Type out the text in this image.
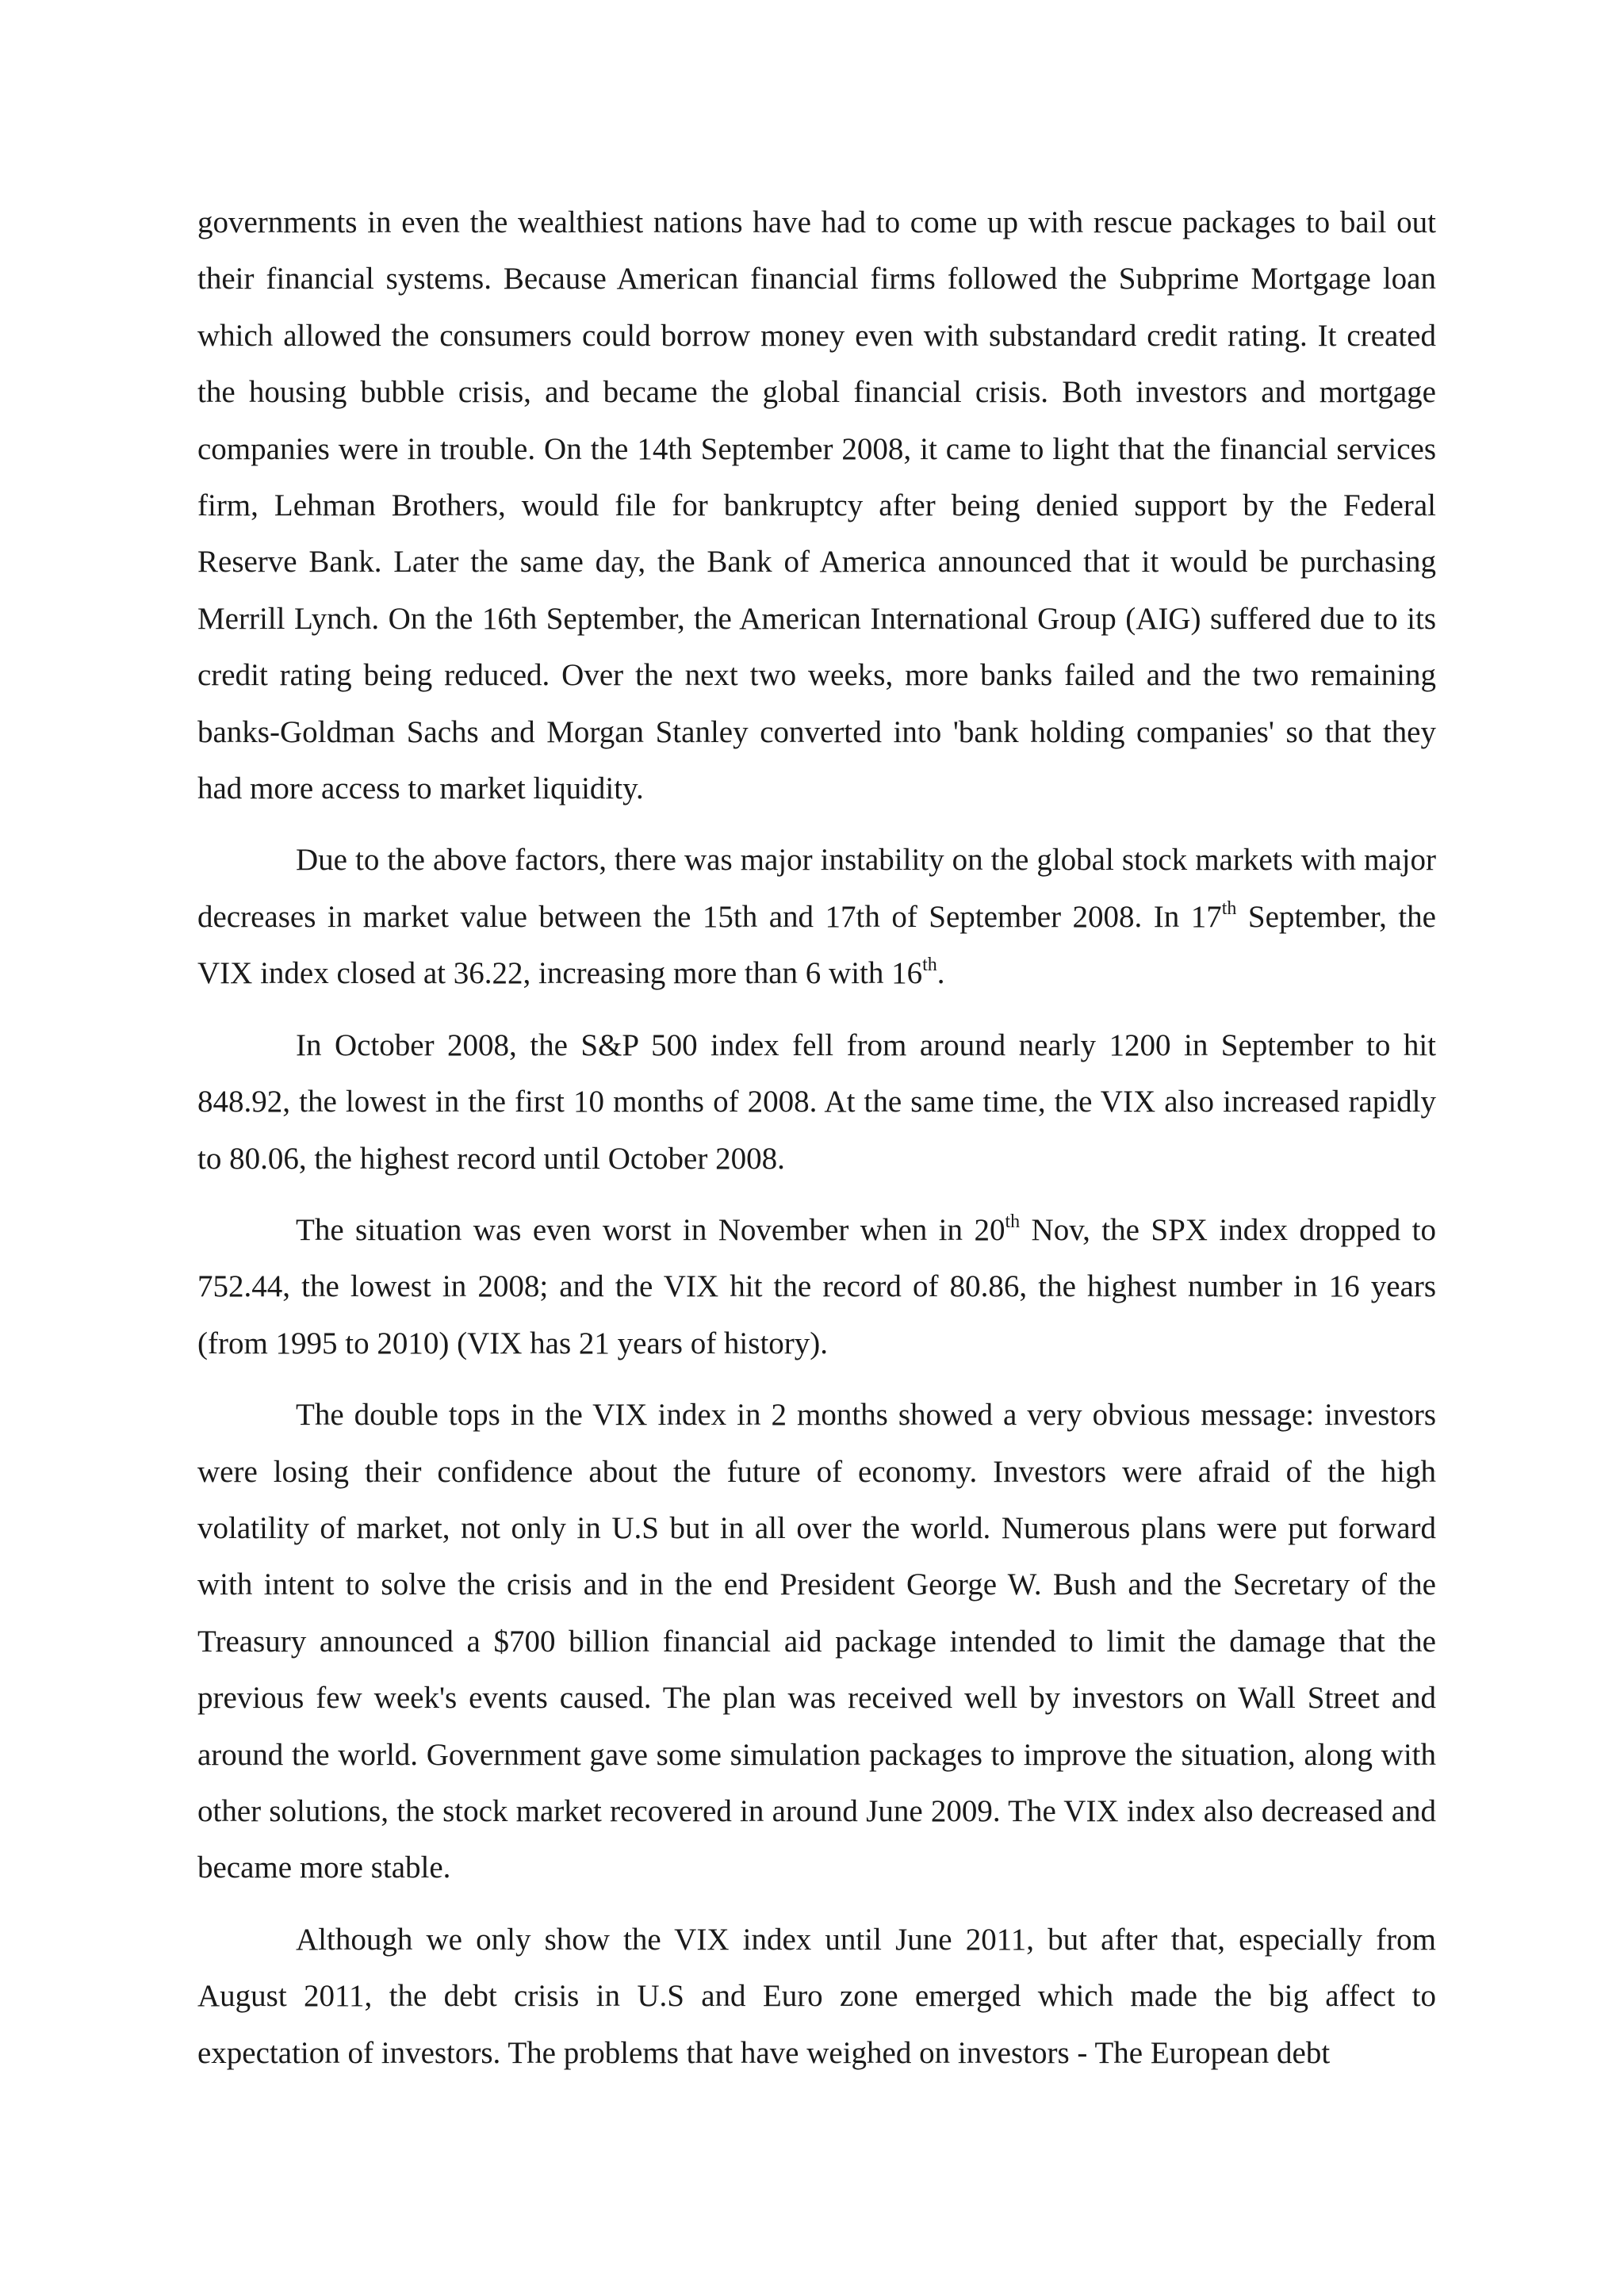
governments in even the wealthiest nations have had to come up with rescue packages to bail out their financial systems. Because American financial firms followed the Subprime Mortgage loan which allowed the consumers could borrow money even with substandard credit rating. It created the housing bubble crisis, and became the global financial crisis. Both investors and mortgage companies were in trouble. On the 14th September 2008, it came to light that the financial services firm, Lehman Brothers, would file for bankruptcy after being denied support by the Federal Reserve Bank. Later the same day, the Bank of America announced that it would be purchasing Merrill Lynch. On the 16th September, the American International Group (AIG) suffered due to its credit rating being reduced. Over the next two weeks, more banks failed and the two remaining banks-Goldman Sachs and Morgan Stanley converted into 'bank holding companies' so that they had more access to market liquidity.

Due to the above factors, there was major instability on the global stock markets with major decreases in market value between the 15th and 17th of September 2008. In 17th September, the VIX index closed at 36.22, increasing more than 6 with 16th.

In October 2008, the S&P 500 index fell from around nearly 1200 in September to hit 848.92, the lowest in the first 10 months of 2008. At the same time, the VIX also increased rapidly to 80.06, the highest record until October 2008.

The situation was even worst in November when in 20th Nov, the SPX index dropped to 752.44, the lowest in 2008; and the VIX hit the record of 80.86, the highest number in 16 years (from 1995 to 2010) (VIX has 21 years of history).

The double tops in the VIX index in 2 months showed a very obvious message: investors were losing their confidence about the future of economy. Investors were afraid of the high volatility of market, not only in U.S but in all over the world. Numerous plans were put forward with intent to solve the crisis and in the end President George W. Bush and the Secretary of the Treasury announced a $700 billion financial aid package intended to limit the damage that the previous few week's events caused. The plan was received well by investors on Wall Street and around the world. Government gave some simulation packages to improve the situation, along with other solutions, the stock market recovered in around June 2009. The VIX index also decreased and became more stable.

Although we only show the VIX index until June 2011, but after that, especially from August 2011, the debt crisis in U.S and Euro zone emerged which made the big affect to expectation of investors. The problems that have weighed on investors - The European debt
